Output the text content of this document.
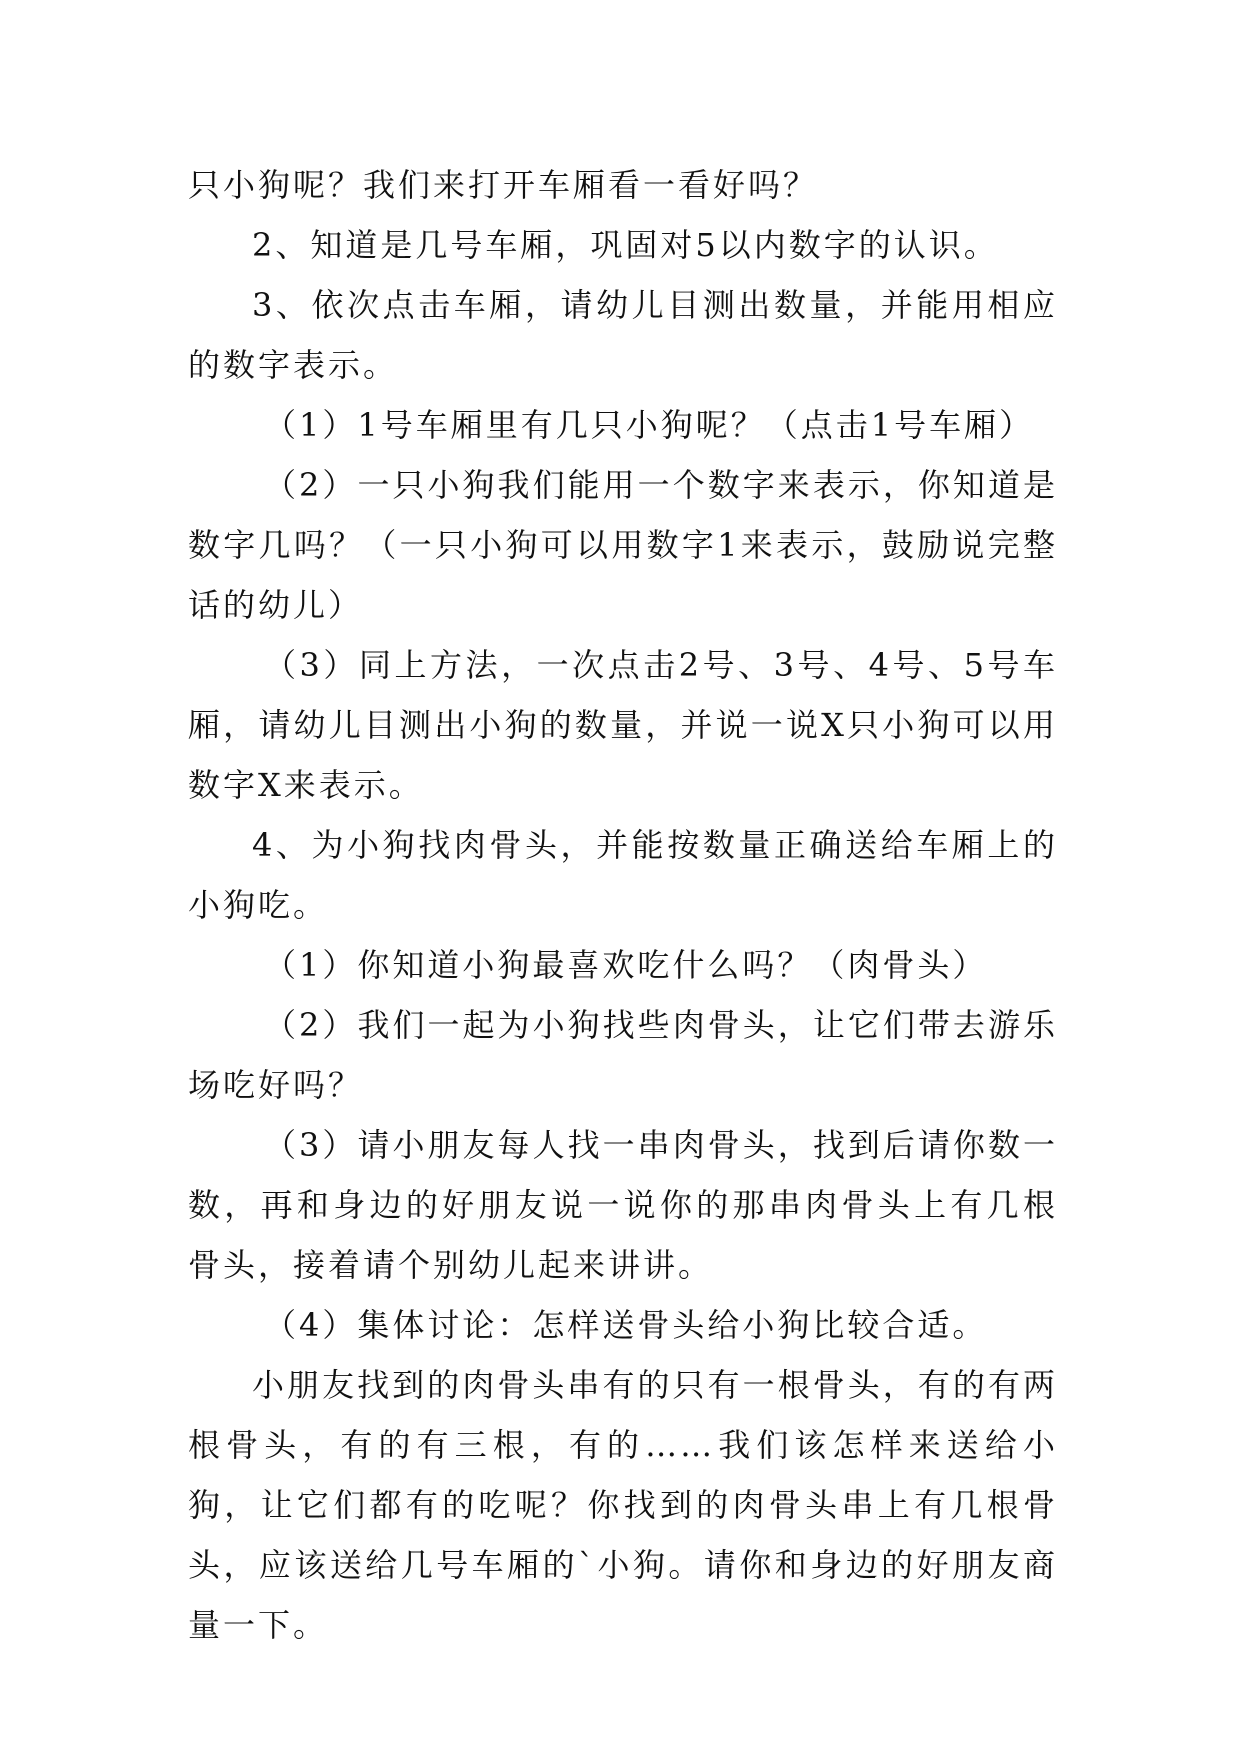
只小狗呢？我们来打开车厢看一看好吗？

2、知道是几号车厢，巩固对5以内数字的认识。

3、依次点击车厢，请幼儿目测出数量，并能用相应的数字表示。

（1）1号车厢里有几只小狗呢？（点击1号车厢）

（2）一只小狗我们能用一个数字来表示，你知道是数字几吗？（一只小狗可以用数字1来表示，鼓励说完整话的幼儿）

（3）同上方法，一次点击2号、3号、4号、5号车厢，请幼儿目测出小狗的数量，并说一说X只小狗可以用数字X来表示。

4、为小狗找肉骨头，并能按数量正确送给车厢上的小狗吃。

（1）你知道小狗最喜欢吃什么吗？（肉骨头）

（2）我们一起为小狗找些肉骨头，让它们带去游乐场吃好吗？

（3）请小朋友每人找一串肉骨头，找到后请你数一数，再和身边的好朋友说一说你的那串肉骨头上有几根骨头，接着请个别幼儿起来讲讲。

（4）集体讨论：怎样送骨头给小狗比较合适。

小朋友找到的肉骨头串有的只有一根骨头，有的有两根骨头，有的有三根，有的……我们该怎样来送给小狗，让它们都有的吃呢？你找到的肉骨头串上有几根骨头，应该送给几号车厢的`小狗。请你和身边的好朋友商量一下。
